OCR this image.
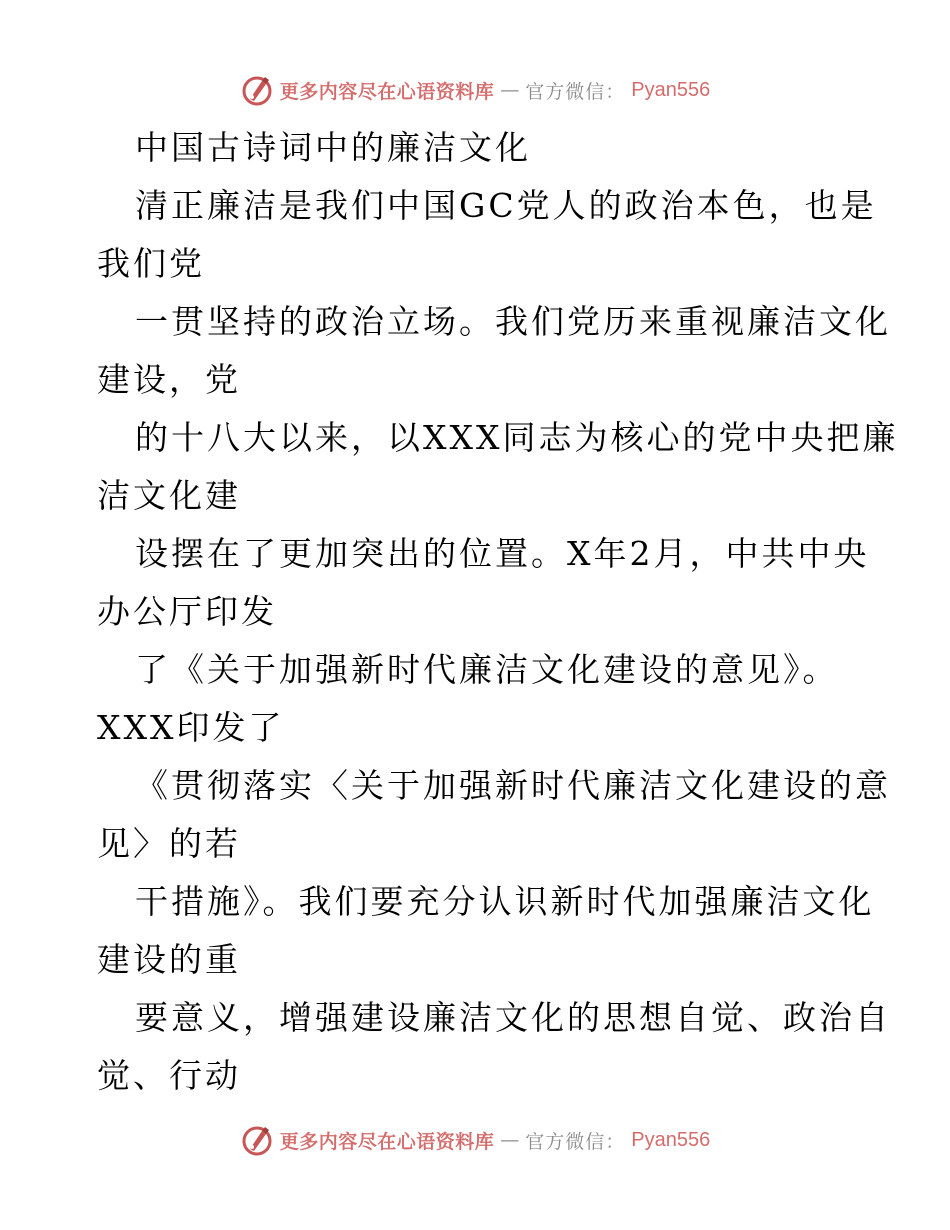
更多内容尽在心语资料库 — 官方微信： Pyan556
中国古诗词中的廉洁文化
清正廉洁是我们中国GC党人的政治本色，也是
我们党
一贯坚持的政治立场。我们党历来重视廉洁文化
建设，党
的十八大以来，以XXX同志为核心的党中央把廉
洁文化建
设摆在了更加突出的位置。X年2月，中共中央
办公厅印发
了《关于加强新时代廉洁文化建设的意见》。
XXX印发了
《贯彻落实〈关于加强新时代廉洁文化建设的意
见〉的若
干措施》。我们要充分认识新时代加强廉洁文化
建设的重
要意义，增强建设廉洁文化的思想自觉、政治自
觉、行动
更多内容尽在心语资料库 — 官方微信： Pyan556
